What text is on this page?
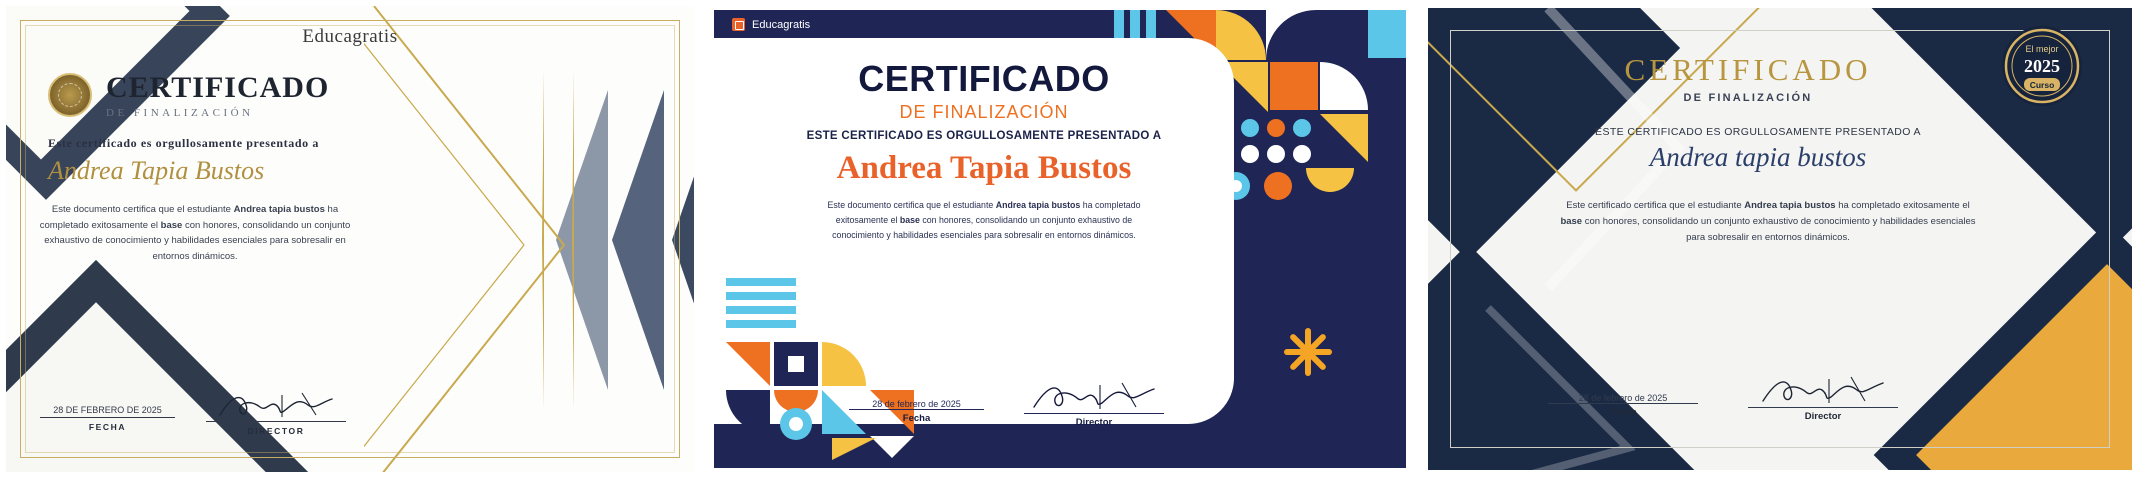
Educagratis
CERTIFICADO
DE FINALIZACIÓN
Este certificado es orgullosamente presentado a
Andrea Tapia Bustos
Este documento certifica que el estudiante Andrea tapia bustos ha completado exitosamente el base con honores, consolidando un conjunto exhaustivo de conocimiento y habilidades esenciales para sobresalir en entornos dinámicos.
28 DE FEBRERO DE 2025
FECHA	DIRECTOR
Educagratis
CERTIFICADO
DE FINALIZACIÓN
ESTE CERTIFICADO ES ORGULLOSAMENTE PRESENTADO A
Andrea Tapia Bustos
Este documento certifica que el estudiante Andrea tapia bustos ha completado exitosamente el base con honores, consolidando un conjunto exhaustivo de conocimiento y habilidades esenciales para sobresalir en entornos dinámicos.
28 de febrero de 2025
Fecha	Director
CERTIFICADO
DE FINALIZACIÓN
El mejor
2025
Curso
ESTE CERTIFICADO ES ORGULLOSAMENTE PRESENTADO A
Andrea tapia bustos
Este certificado certifica que el estudiante Andrea tapia bustos ha completado exitosamente el base con honores, consolidando un conjunto exhaustivo de conocimiento y habilidades esenciales para sobresalir en entornos dinámicos.
28 de febrero de 2025
Fecha	Director
